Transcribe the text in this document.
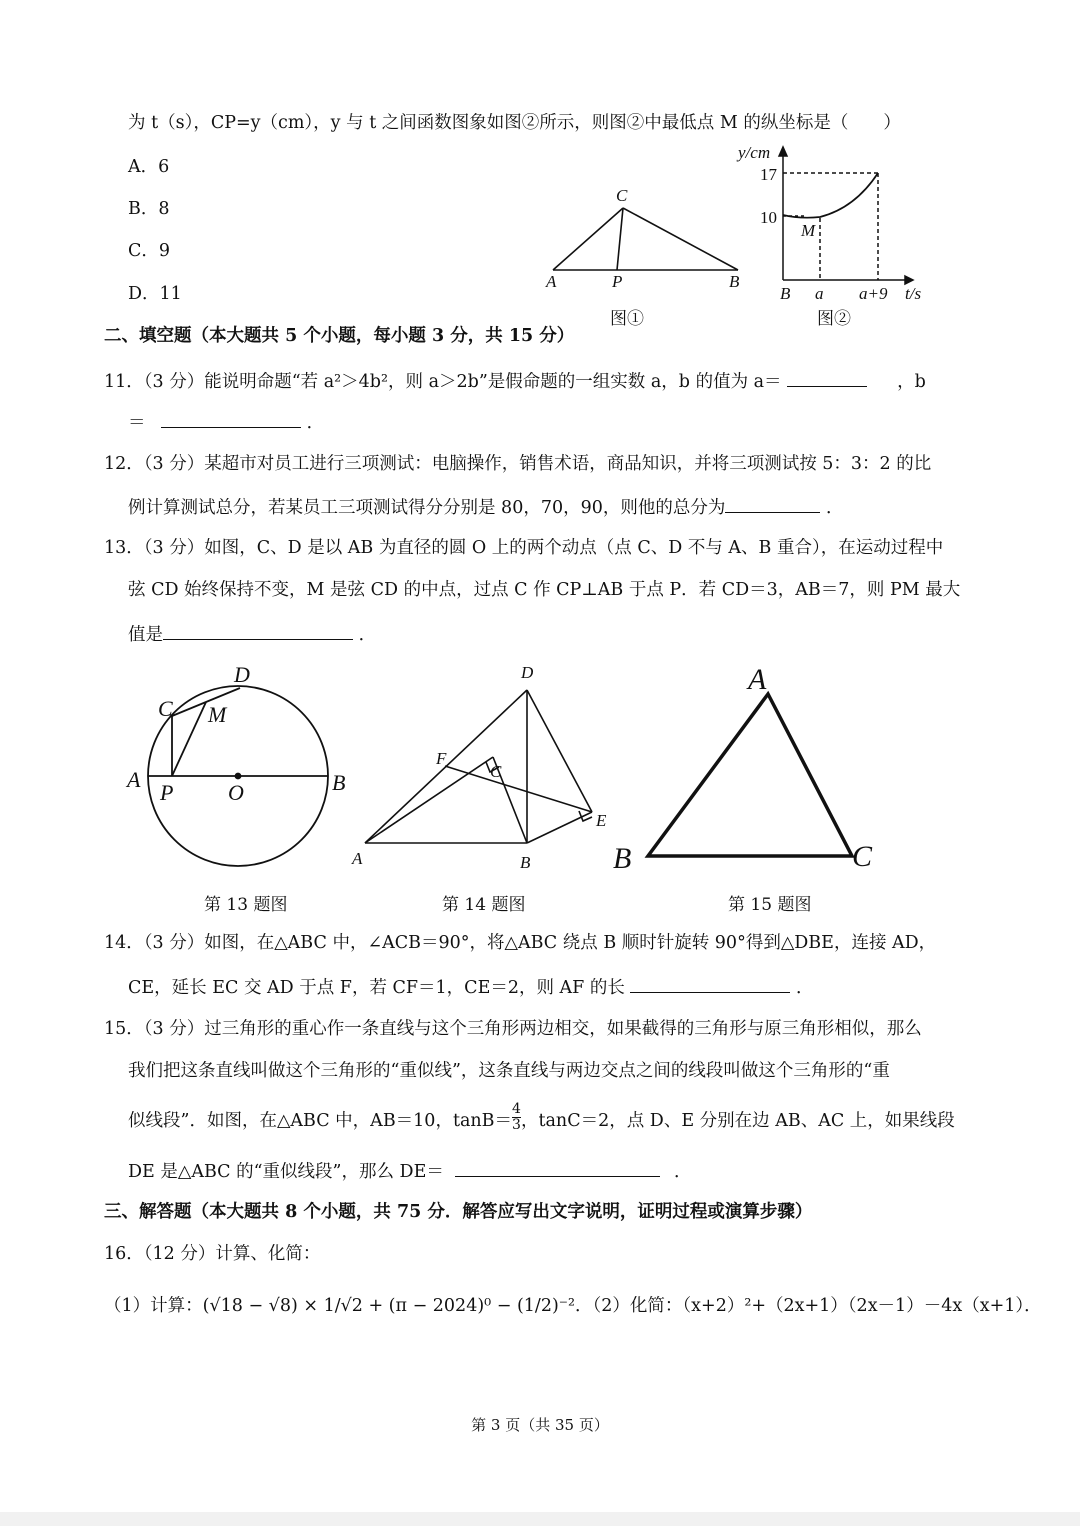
为 t（s），CP=y（cm），y 与 t 之间函数图象如图②所示，则图②中最低点 M 的纵坐标是（　　）
A．6
B．8
C．9
D．11
C
A	P	B
y/cm
17
10
M
B a a+9 t/s
图①	图②
D
C M
A
P O	B
D
F
C
E
A	B
A
B	C
二、填空题（本大题共 5 个小题，每小题 3 分，共 15 分）
11．（3 分）能说明命题“若 a²＞4b²，则 a＞2b”是假命题的一组实数 a，b 的值为 a＝	，b
＝	．
12．（3 分）某超市对员工进行三项测试：电脑操作，销售术语，商品知识，并将三项测试按 5：3：2 的比
例计算测试总分，若某员工三项测试得分分别是 80，70，90，则他的总分为	．
13．（3 分）如图，C、D 是以 AB 为直径的圆 O 上的两个动点（点 C、D 不与 A、B 重合），在运动过程中
弦 CD 始终保持不变，M 是弦 CD 的中点，过点 C 作 CP⊥AB 于点 P．若 CD＝3，AB＝7，则 PM 最大
值是	．
第 13 题图	第 14 题图	第 15 题图
14．（3 分）如图，在△ABC 中，∠ACB＝90°，将△ABC 绕点 B 顺时针旋转 90°得到△DBE，连接 AD，
CE，延长 EC 交 AD 于点 F，若 CF＝1，CE＝2，则 AF 的长	．
15．（3 分）过三角形的重心作一条直线与这个三角形两边相交，如果截得的三角形与原三角形相似，那么
我们把这条直线叫做这个三角形的“重似线”，这条直线与两边交点之间的线段叫做这个三角形的“重
似线段”．如图，在△ABC 中，AB＝10，$\tan B= \frac{4}{3}$ ，tanC＝2，点 D、E 分别在边 AB、AC 上，如果线段
DE 是△ABC 的“重似线段”，那么 DE＝	．
三、解答题（本大题共 8 个小题，共 75 分．解答应写出文字说明，证明过程或演算步骤）
16．（12 分）计算、化简：
（1）计算：(√18 − √8) × 1/√2 + (π − 2024)⁰ − (1/2)⁻²．（2）化简：（x+2）²+（2x+1）（2x－1）－4x（x+1）．
第 3 页（共 35 页）
